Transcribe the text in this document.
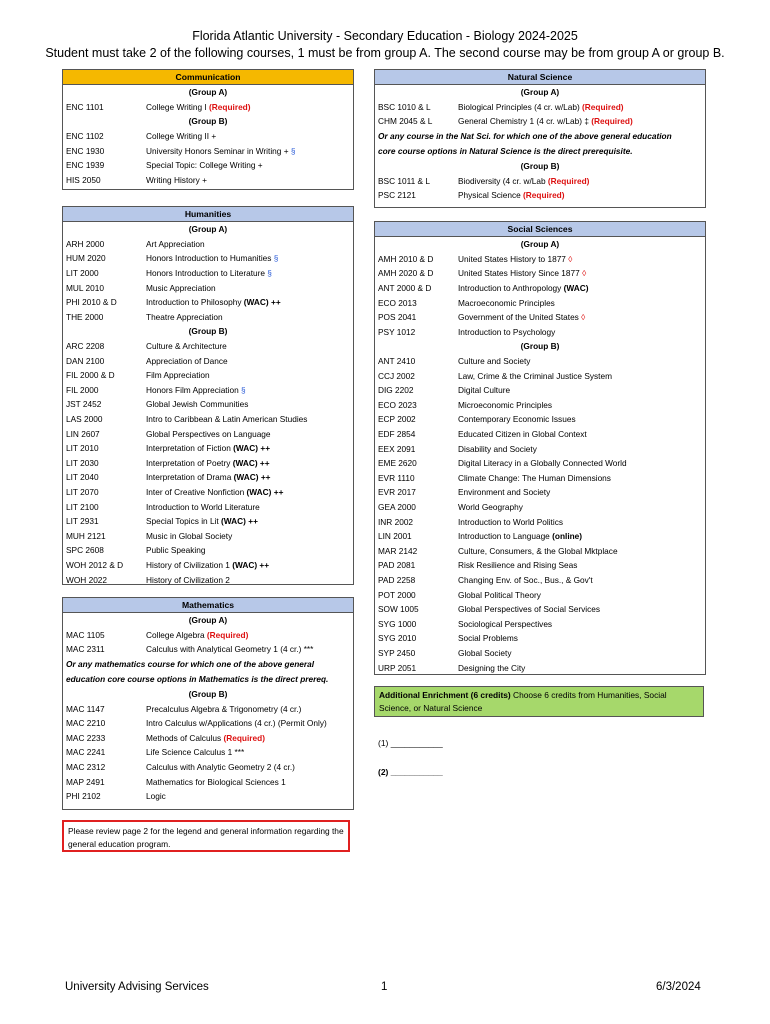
Florida Atlantic University - Secondary Education - Biology 2024-2025
Student must take 2 of the following courses, 1 must be from group A. The second course may be from group A or group B.
Communication
(Group A)
ENC 1101	College Writing I (Required)
(Group B)
ENC 1102	College Writing II +
ENC 1930	University Honors Seminar in Writing + §
ENC 1939	Special Topic: College Writing +
HIS 2050	Writing History +
Natural Science
(Group A)
BSC 1010 & L	Biological Principles (4 cr. w/Lab) (Required)
CHM 2045 & L	General Chemistry 1 (4 cr. w/Lab) ‡ (Required)
Or any course in the Nat Sci. for which one of the above general education
core course options in Natural Science is the direct prerequisite.
(Group B)
BSC 1011 & L	Biodiversity (4 cr. w/Lab (Required)
PSC 2121	Physical Science (Required)
Humanities
(Group A)
ARH 2000	Art Appreciation
HUM 2020	Honors Introduction to Humanities §
LIT 2000	Honors Introduction to Literature §
MUL 2010	Music Appreciation
PHI 2010 & D	Introduction to Philosophy (WAC) ++
THE 2000	Theatre Appreciation
(Group B)
ARC 2208	Culture & Architecture
DAN 2100	Appreciation of Dance
FIL 2000 & D	Film Appreciation
FIL 2000	Honors Film Appreciation §
JST 2452	Global Jewish Communities
LAS 2000	Intro to Caribbean & Latin American Studies
LIN 2607	Global Perspectives on Language
LIT 2010	Interpretation of Fiction (WAC) ++
LIT 2030	Interpretation of Poetry (WAC) ++
LIT 2040	Interpretation of Drama (WAC) ++
LIT 2070	Inter of Creative Nonfiction (WAC) ++
LIT 2100	Introduction to World Literature
LIT 2931	Special Topics in Lit (WAC) ++
MUH 2121	Music in Global Society
SPC 2608	Public Speaking
WOH 2012 & D	History of Civilization 1 (WAC) ++
WOH 2022	History of Civilization 2
Social Sciences
(Group A)
AMH 2010 & D	United States History to 1877 ◊
AMH 2020 & D	United States History Since 1877 ◊
ANT 2000 & D	Introduction to Anthropology (WAC)
ECO 2013	Macroeconomic Principles
POS 2041	Government of the United States ◊
PSY 1012	Introduction to Psychology
(Group B)
ANT 2410	Culture and Society
CCJ 2002	Law, Crime & the Criminal Justice System
DIG 2202	Digital Culture
ECO 2023	Microeconomic Principles
ECP 2002	Contemporary Economic Issues
EDF 2854	Educated Citizen in Global Context
EEX 2091	Disability and Society
EME 2620	Digital Literacy in a Globally Connected World
EVR 1110	Climate Change: The Human Dimensions
EVR 2017	Environment and Society
GEA 2000	World Geography
INR 2002	Introduction to World Politics
LIN 2001	Introduction to Language (online)
MAR 2142	Culture, Consumers, & the Global Mktplace
PAD 2081	Risk Resilience and Rising Seas
PAD 2258	Changing Env. of Soc., Bus., & Gov't
POT 2000	Global Political Theory
SOW 1005	Global Perspectives of Social Services
SYG 1000	Sociological Perspectives
SYG 2010	Social Problems
SYP 2450	Global Society
URP 2051	Designing the City
Mathematics
(Group A)
MAC 1105	College Algebra (Required)
MAC 2311	Calculus with Analytical Geometry 1 (4 cr.) ***
Or any mathematics course for which one of the above general
education core course options in Mathematics is the direct prereq.
(Group B)
MAC 1147	Precalculus Algebra & Trigonometry (4 cr.)
MAC 2210	Intro Calculus w/Applications (4 cr.) (Permit Only)
MAC 2233	Methods of Calculus (Required)
MAC 2241	Life Science Calculus 1 ***
MAC 2312	Calculus with Analytic Geometry 2 (4 cr.)
MAP 2491	Mathematics for Biological Sciences 1
PHI 2102	Logic
Additional Enrichment (6 credits) Choose 6 credits from Humanities, Social Science, or Natural Science
(1) ___________
(2) ___________
Please review page 2 for the legend and general information regarding the general education program.
University Advising Services	1	6/3/2024
